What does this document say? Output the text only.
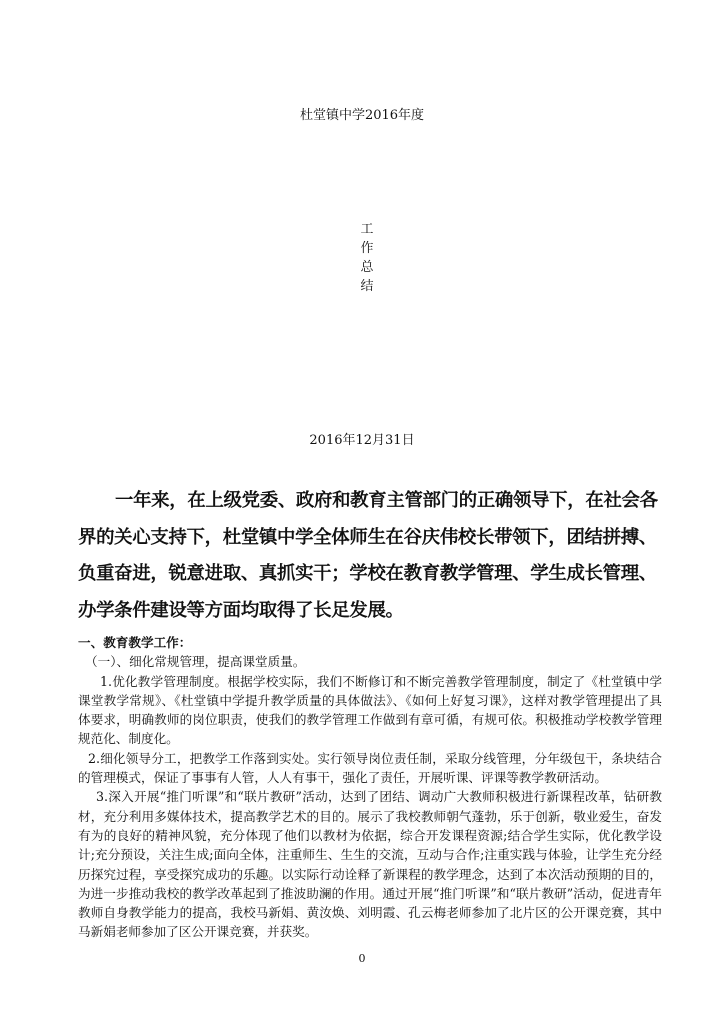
杜堂镇中学2016年度
工
作
总
结
2016年12月31日

一年来，在上级党委、政府和教育主管部门的正确领导下，在社会各界的关心支持下，杜堂镇中学全体师生在谷庆伟校长带领下，团结拼搏、负重奋进，锐意进取、真抓实干；学校在教育教学管理、学生成长管理、办学条件建设等方面均取得了长足发展。

一、教育教学工作：

（一）、细化常规管理，提高课堂质量。

1.优化教学管理制度。根据学校实际，我们不断修订和不断完善教学管理制度，制定了《杜堂镇中学课堂教学常规》、《杜堂镇中学提升教学质量的具体做法》、《如何上好复习课》，这样对教学管理提出了具体要求，明确教师的岗位职责，使我们的教学管理工作做到有章可循，有规可依。积极推动学校教学管理规范化、制度化。

2.细化领导分工，把教学工作落到实处。实行领导岗位责任制，采取分线管理，分年级包干，条块结合的管理模式，保证了事事有人管，人人有事干，强化了责任，开展听课、评课等教学教研活动。

3.深入开展“推门听课”和“联片教研”活动，达到了团结、调动广大教师积极进行新课程改革，钻研教材，充分利用多媒体技术，提高教学艺术的目的。展示了我校教师朝气蓬勃，乐于创新，敬业爱生，奋发有为的良好的精神风貌，充分体现了他们以教材为依据，综合开发课程资源;结合学生实际，优化教学设计;充分预设，关注生成;面向全体，注重师生、生生的交流，互动与合作;注重实践与体验，让学生充分经历探究过程，享受探究成功的乐趣。以实际行动诠释了新课程的教学理念，达到了本次活动预期的目的，为进一步推动我校的教学改革起到了推波助澜的作用。通过开展“推门听课”和“联片教研”活动，促进青年教师自身教学能力的提高，我校马新娟、黄汝焕、刘明霞、孔云梅老师参加了北片区的公开课竞赛，其中马新娟老师参加了区公开课竞赛，并获奖。

0
